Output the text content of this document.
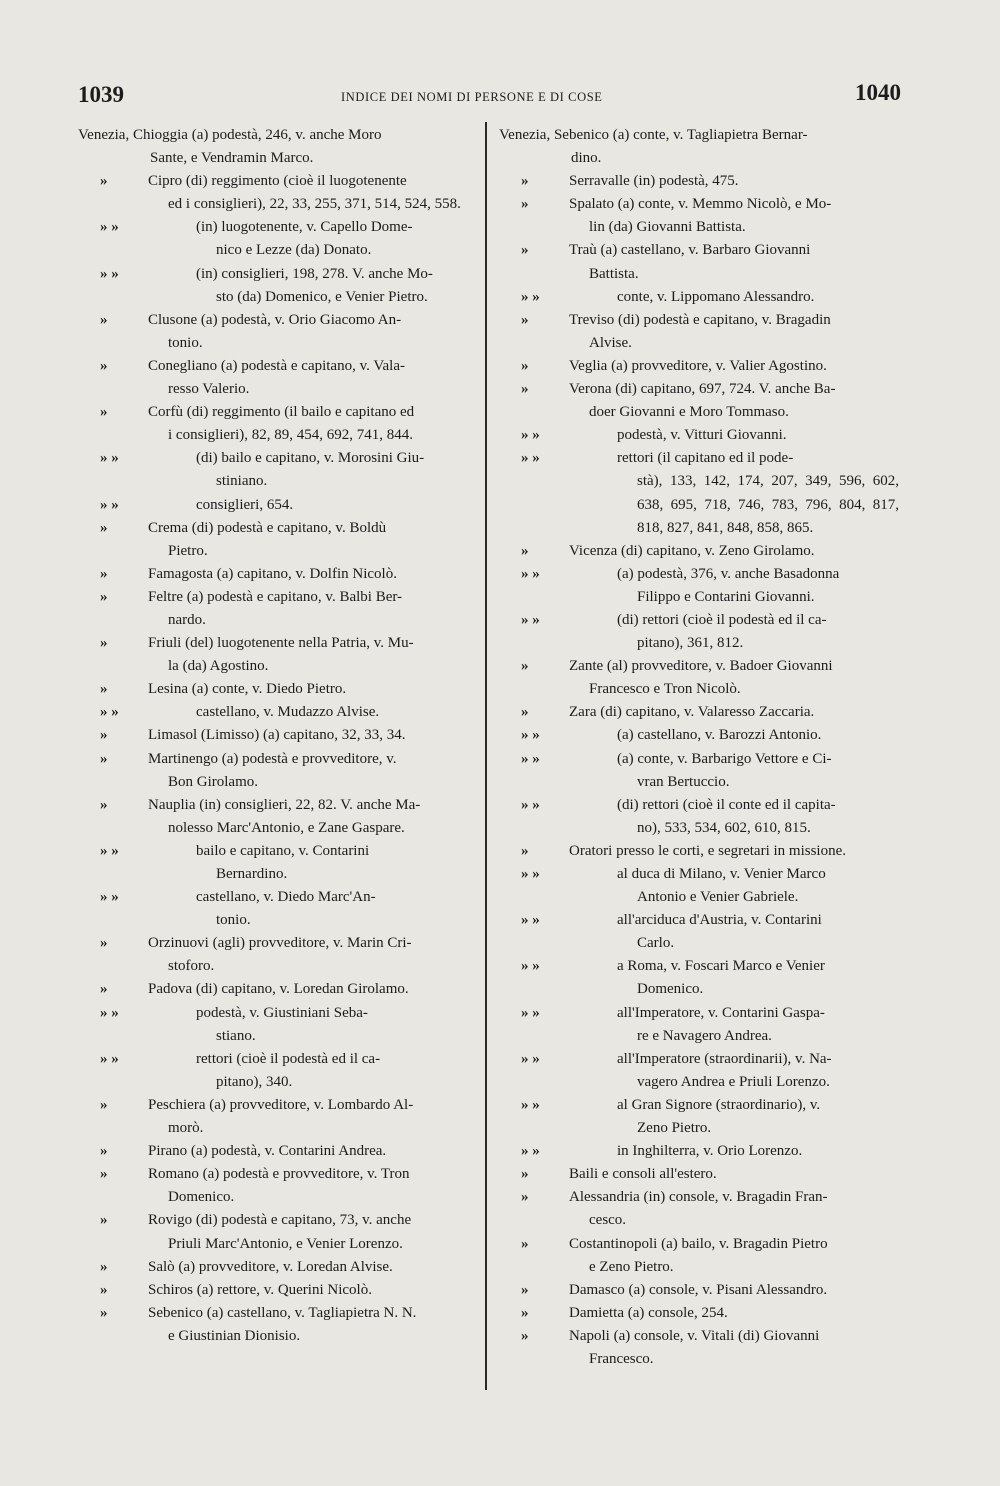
1039	INDICE DEI NOMI DI PERSONE E DI COSE	1040
Venezia, Chioggia (a) podestà, 246, v. anche Moro
Sante, e Vendramin Marco.
»	Cipro (di) reggimento (cioè il luogotenente
ed i consiglieri), 22, 33, 255, 371, 514, 524, 558.
» »	(in) luogotenente, v. Capello Dome-
nico e Lezze (da) Donato.
» »	(in) consiglieri, 198, 278. V. anche Mo-
sto (da) Domenico, e Venier Pietro.
»	Clusone (a) podestà, v. Orio Giacomo An-
tonio.
»	Conegliano (a) podestà e capitano, v. Vala-
resso Valerio.
»	Corfù (di) reggimento (il bailo e capitano ed
i consiglieri), 82, 89, 454, 692, 741, 844.
» »	(di) bailo e capitano, v. Morosini Giu-
stiniano.
» »	consiglieri, 654.
»	Crema (di) podestà e capitano, v. Boldù
Pietro.
»	Famagosta (a) capitano, v. Dolfin Nicolò.
»	Feltre (a) podestà e capitano, v. Balbi Ber-
nardo.
»	Friuli (del) luogotenente nella Patria, v. Mu-
la (da) Agostino.
»	Lesina (a) conte, v. Diedo Pietro.
» »	castellano, v. Mudazzo Alvise.
»	Limasol (Limisso) (a) capitano, 32, 33, 34.
»	Martinengo (a) podestà e provveditore, v.
Bon Girolamo.
»	Nauplia (in) consiglieri, 22, 82. V. anche Ma-
nolesso Marc'Antonio, e Zane Gaspare.
» »	bailo e capitano, v. Contarini
Bernardino.
» »	castellano, v. Diedo Marc'An-
tonio.
»	Orzinuovi (agli) provveditore, v. Marin Cri-
stoforo.
»	Padova (di) capitano, v. Loredan Girolamo.
» »	podestà, v. Giustiniani Seba-
stiano.
» »	rettori (cioè il podestà ed il ca-
pitano), 340.
»	Peschiera (a) provveditore, v. Lombardo Al-
morò.
»	Pirano (a) podestà, v. Contarini Andrea.
»	Romano (a) podestà e provveditore, v. Tron
Domenico.
»	Rovigo (di) podestà e capitano, 73, v. anche
Priuli Marc'Antonio, e Venier Lorenzo.
»	Salò (a) provveditore, v. Loredan Alvise.
»	Schiros (a) rettore, v. Querini Nicolò.
»	Sebenico (a) castellano, v. Tagliapietra N. N.
e Giustinian Dionisio.
Venezia, Sebenico (a) conte, v. Tagliapietra Bernar-
dino.
»	Serravalle (in) podestà, 475.
»	Spalato (a) conte, v. Memmo Nicolò, e Mo-
lin (da) Giovanni Battista.
»	Traù (a) castellano, v. Barbaro Giovanni
Battista.
» »	conte, v. Lippomano Alessandro.
»	Treviso (di) podestà e capitano, v. Bragadin
Alvise.
»	Veglia (a) provveditore, v. Valier Agostino.
»	Verona (di) capitano, 697, 724. V. anche Ba-
doer Giovanni e Moro Tommaso.
» »	podestà, v. Vitturi Giovanni.
» »	rettori (il capitano ed il pode-
stà), 133, 142, 174, 207, 349, 596, 602, 638, 695, 718, 746, 783, 796, 804, 817, 818, 827, 841, 848, 858, 865.
»	Vicenza (di) capitano, v. Zeno Girolamo.
» »	(a) podestà, 376, v. anche Basadonna
Filippo e Contarini Giovanni.
» »	(di) rettori (cioè il podestà ed il ca-
pitano), 361, 812.
»	Zante (al) provveditore, v. Badoer Giovanni
Francesco e Tron Nicolò.
»	Zara (di) capitano, v. Valaresso Zaccaria.
» »	(a) castellano, v. Barozzi Antonio.
» »	(a) conte, v. Barbarigo Vettore e Ci-
vran Bertuccio.
» »	(di) rettori (cioè il conte ed il capita-
no), 533, 534, 602, 610, 815.
»	Oratori presso le corti, e segretari in missione.
» »	al duca di Milano, v. Venier Marco
Antonio e Venier Gabriele.
» »	all'arciduca d'Austria, v. Contarini
Carlo.
» »	a Roma, v. Foscari Marco e Venier
Domenico.
» »	all'Imperatore, v. Contarini Gaspa-
re e Navagero Andrea.
» »	all'Imperatore (straordinarii), v. Na-
vagero Andrea e Priuli Lorenzo.
» »	al Gran Signore (straordinario), v.
Zeno Pietro.
» »	in Inghilterra, v. Orio Lorenzo.
»	Baili e consoli all'estero.
»	Alessandria (in) console, v. Bragadin Fran-
cesco.
»	Costantinopoli (a) bailo, v. Bragadin Pietro
e Zeno Pietro.
»	Damasco (a) console, v. Pisani Alessandro.
»	Damietta (a) console, 254.
»	Napoli (a) console, v. Vitali (di) Giovanni
Francesco.
